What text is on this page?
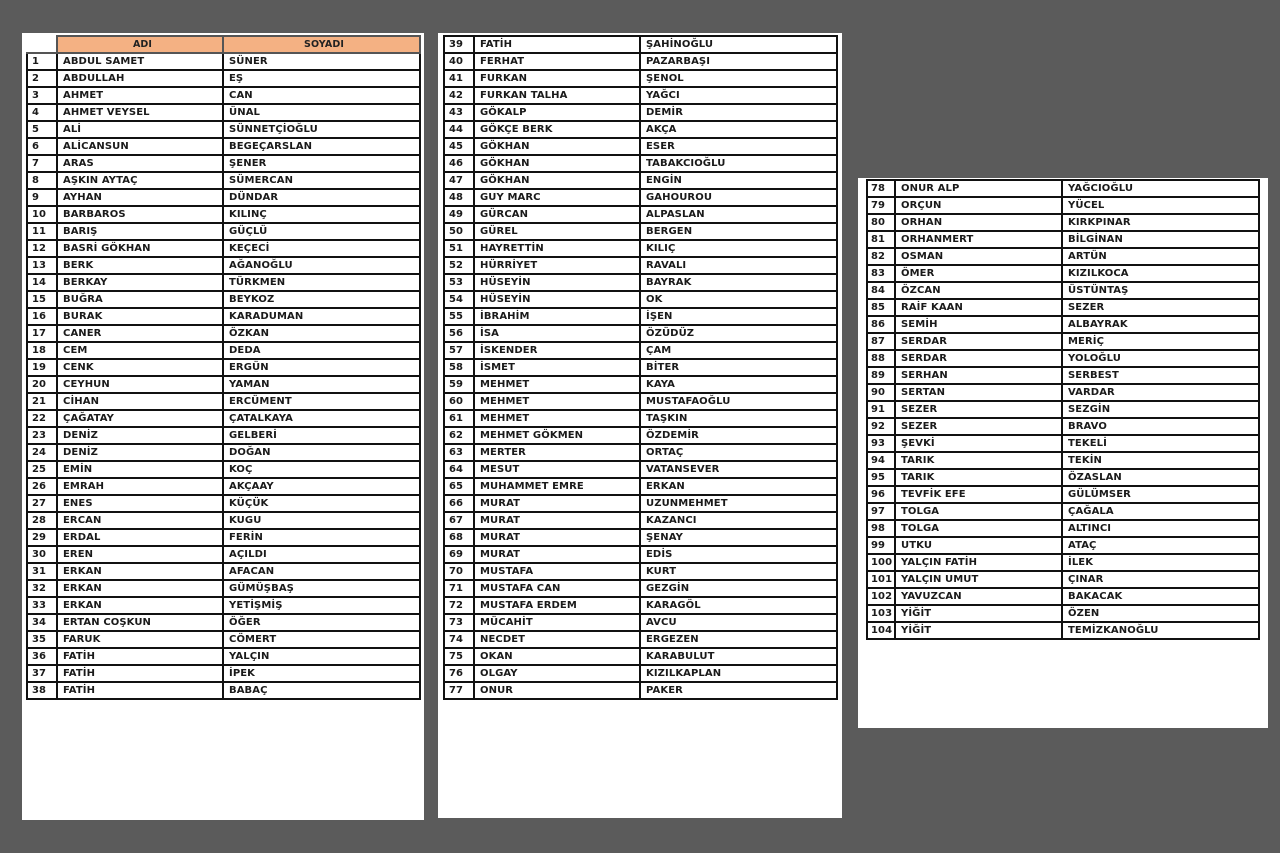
	ADI	SOYADI
1	ABDUL SAMET	SÜNER
2	ABDULLAH	EŞ
3	AHMET	CAN
4	AHMET VEYSEL	ÜNAL
5	ALİ	SÜNNETÇİOĞLU
6	ALİCANSUN	BEGEÇARSLAN
7	ARAS	ŞENER
8	AŞKIN AYTAÇ	SÜMERCAN
9	AYHAN	DÜNDAR
10	BARBAROS	KILINÇ
11	BARIŞ	GÜÇLÜ
12	BASRİ GÖKHAN	KEÇECİ
13	BERK	AĞANOĞLU
14	BERKAY	TÜRKMEN
15	BUĞRA	BEYKOZ
16	BURAK	KARADUMAN
17	CANER	ÖZKAN
18	CEM	DEDA
19	CENK	ERGÜN
20	CEYHUN	YAMAN
21	CİHAN	ERCÜMENT
22	ÇAĞATAY	ÇATALKAYA
23	DENİZ	GELBERİ
24	DENİZ	DOĞAN
25	EMİN	KOÇ
26	EMRAH	AKÇAAY
27	ENES	KÜÇÜK
28	ERCAN	KUGU
29	ERDAL	FERİN
30	EREN	AÇILDI
31	ERKAN	AFACAN
32	ERKAN	GÜMÜŞBAŞ
33	ERKAN	YETİŞMİŞ
34	ERTAN COŞKUN	ÖĞER
35	FARUK	CÖMERT
36	FATİH	YALÇIN
37	FATİH	İPEK
38	FATİH	BABAÇ
39	FATİH	ŞAHİNOĞLU
40	FERHAT	PAZARBAŞI
41	FURKAN	ŞENOL
42	FURKAN TALHA	YAĞCI
43	GÖKALP	DEMİR
44	GÖKÇE BERK	AKÇA
45	GÖKHAN	ESER
46	GÖKHAN	TABAKCIOĞLU
47	GÖKHAN	ENGİN
48	GUY MARC	GAHOUROU
49	GÜRCAN	ALPASLAN
50	GÜREL	BERGEN
51	HAYRETTİN	KILIÇ
52	HÜRRİYET	RAVALI
53	HÜSEYİN	BAYRAK
54	HÜSEYİN	OK
55	İBRAHİM	İŞEN
56	İSA	ÖZÜDÜZ
57	İSKENDER	ÇAM
58	İSMET	BİTER
59	MEHMET	KAYA
60	MEHMET	MUSTAFAOĞLU
61	MEHMET	TAŞKIN
62	MEHMET GÖKMEN	ÖZDEMİR
63	MERTER	ORTAÇ
64	MESUT	VATANSEVER
65	MUHAMMET EMRE	ERKAN
66	MURAT	UZUNMEHMET
67	MURAT	KAZANCI
68	MURAT	ŞENAY
69	MURAT	EDİS
70	MUSTAFA	KURT
71	MUSTAFA CAN	GEZGİN
72	MUSTAFA ERDEM	KARAGÖL
73	MÜCAHİT	AVCU
74	NECDET	ERGEZEN
75	OKAN	KARABULUT
76	OLGAY	KIZILKAPLAN
77	ONUR	PAKER
78	ONUR ALP	YAĞCIOĞLU
79	ORÇUN	YÜCEL
80	ORHAN	KIRKPINAR
81	ORHANMERT	BİLGİNAN
82	OSMAN	ARTÜN
83	ÖMER	KIZILKOCA
84	ÖZCAN	ÜSTÜNTAŞ
85	RAİF KAAN	SEZER
86	SEMİH	ALBAYRAK
87	SERDAR	MERİÇ
88	SERDAR	YOLOĞLU
89	SERHAN	SERBEST
90	SERTAN	VARDAR
91	SEZER	SEZGİN
92	SEZER	BRAVO
93	ŞEVKİ	TEKELİ
94	TARIK	TEKİN
95	TARIK	ÖZASLAN
96	TEVFİK EFE	GÜLÜMSER
97	TOLGA	ÇAĞALA
98	TOLGA	ALTINCI
99	UTKU	ATAÇ
100	YALÇIN FATİH	İLEK
101	YALÇIN UMUT	ÇINAR
102	YAVUZCAN	BAKACAK
103	YİĞİT	ÖZEN
104	YİĞİT	TEMİZKANOĞLU
